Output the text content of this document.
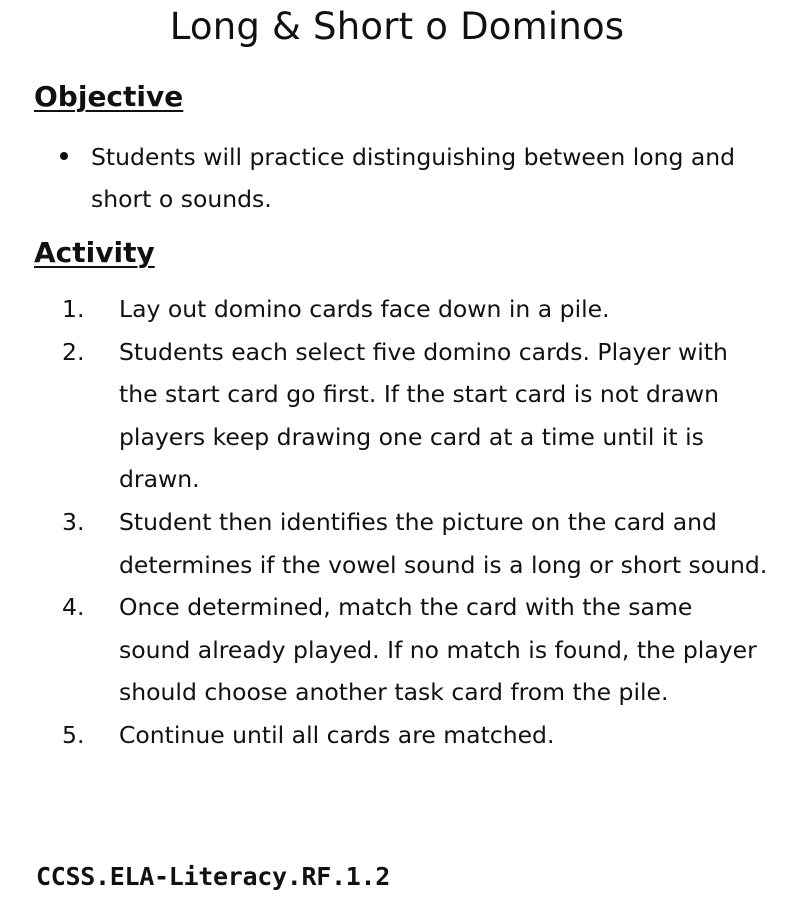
Long & Short o Dominos
Objective
Students will practice distinguishing between long and short o sounds.
Activity
1. Lay out domino cards face down in a pile.
2. Students each select five domino cards. Player with the start card go first. If the start card is not drawn players keep drawing one card at a time until it is drawn.
3. Student then identifies the picture on the card and determines if the vowel sound is a long or short sound.
4. Once determined, match the card with the same sound already played. If no match is found, the player should choose another task card from the pile.
5. Continue until all cards are matched.
CCSS.ELA-Literacy.RF.1.2
